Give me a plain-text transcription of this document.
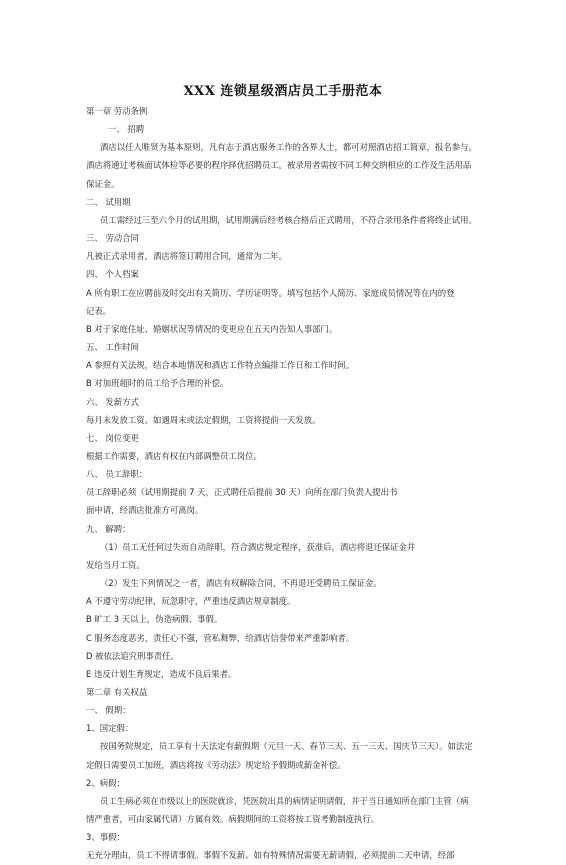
XXX 连锁星级酒店员工手册范本
第一章 劳动条例
一、 招聘
酒店以任人唯贤为基本原则，凡有志于酒店服务工作的各界人士，都可对照酒店招工简章，报名参与。
酒店将通过考核面试体检等必要的程序择优招聘员工。被录用者需按不同工种交纳相应的工作及生活用品
保证金。
二、 试用期
员工需经过三至六个月的试用期，试用期满后经考核合格后正式聘用，不符合录用条件者将终止试用。
三、 劳动合同
凡被正式录用者，酒店将签订聘用合同，通常为二年。
四、 个人档案
A 所有职工在应聘前及时交出有关简历、学历证明等。填写包括个人简历、家庭成员情况等在内的登
记表。
B 对于家庭住址、婚姻状况等情况的变更应在五天内告知人事部门。
五、 工作时间
A 参照有关法规，结合本地情况和酒店工作特点编排工作日和工作时间。
B 对加班超时的员工给予合理的补偿。
六、 发薪方式
每月末发放工资。如遇周末或法定假期，工资将提前一天发放。
七、 岗位变更
根据工作需要，酒店有权在内部调整员工岗位。
八、 员工辞职：
员工辞职必须（试用期提前 7 天，正式聘任后提前 30 天）向所在部门负责人提出书
面申请，经酒店批准方可离岗。
九、 解聘：
（1）员工无任何过失而自动辞职，符合酒店规定程序，获准后，酒店将退还保证金并
发给当月工资。
（2）发生下列情况之一者，酒店有权解除合同，不再退还受聘员工保证金。
A 不遵守劳动纪律，玩忽职守，严重违反酒店规章制度。
B 旷工 3 天以上，伪造病假、事假。
C 服务态度恶劣，责任心不强，营私舞弊，给酒店信誉带来严重影响者。
D 被依法追究刑事责任。
E 违反计划生育规定，造成不良后果者。
第二章 有关权益
一、 假期：
1、国定假：
按国务院规定，员工享有十天法定有薪假期（元旦一天、春节三天、五一三天、国庆节三天）。如法定
定假日需要员工加班，酒店将按《劳动法》规定给予假期或薪金补偿。
2、病假：
员工生病必须在市级以上的医院就诊，凭医院出具的病情证明请假，并于当日通知所在部门主管（病
情严重者，可由家属代请）方属有效。病假期间的工资将按工资考勤制度执行。
3、事假：
无充分理由，员工不得请事假。事假不发薪。如有特殊情况需要无薪请假，必须提前二天申请，经部
